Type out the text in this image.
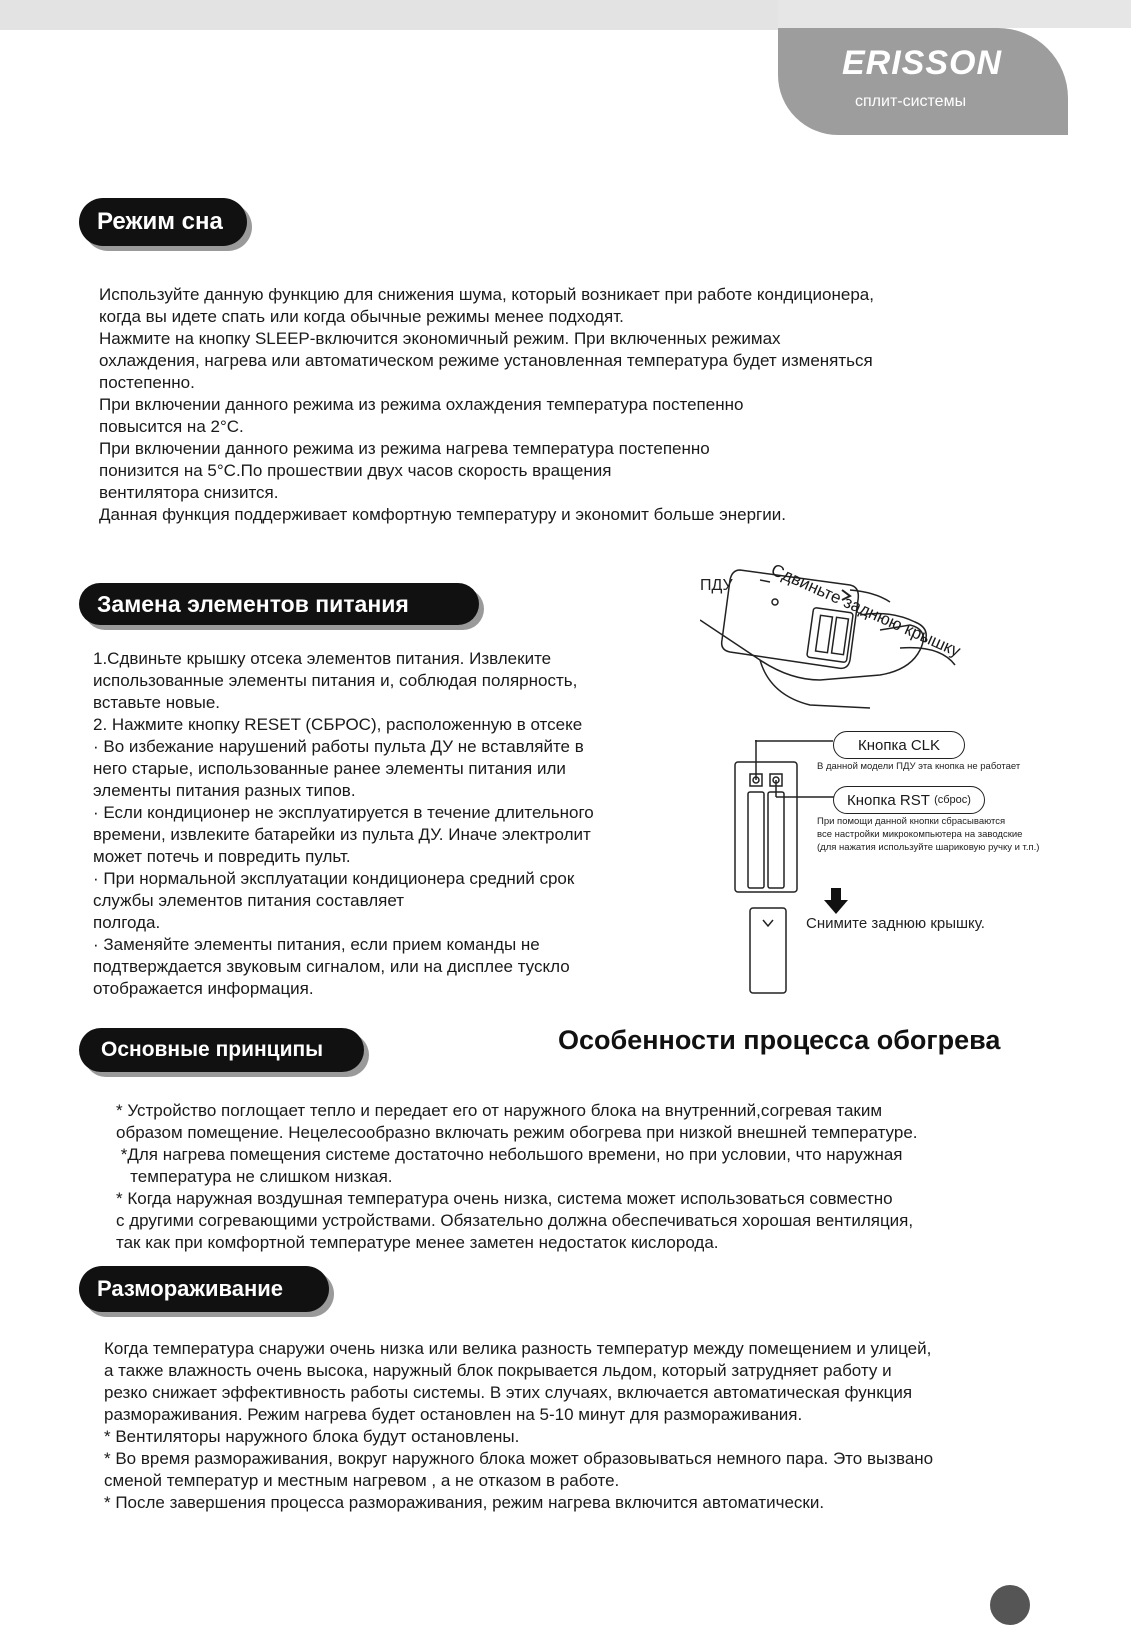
ERISSON
сплит-системы
Режим сна

Используйте данную функцию для снижения шума, который возникает при работе кондиционера,

когда вы идете спать или когда обычные режимы менее подходят.

Нажмите на кнопку SLEEP-включится экономичный режим. При включенных режимах

охлаждения, нагрева или автоматическом режиме установленная температура будет изменяться

постепенно.

При включении данного режима из режима охлаждения температура постепенно

повысится на 2°С.

При включении данного режима из режима нагрева температура постепенно

понизится на 5°С.По прошествии двух часов скорость вращения

вентилятора снизится.

Данная функция поддерживает комфортную температуру и экономит больше энергии.

Замена элементов питания

1.Сдвиньте крышку отсека элементов питания. Извлеките

использованные элементы питания и, соблюдая полярность,

вставьте новые.

2. Нажмите кнопку RESET (СБРОС), расположенную в отсеке

· Во избежание нарушений работы пульта ДУ не вставляйте в

него старые, использованные ранее элементы питания или

элементы питания разных типов.

· Если кондиционер не эксплуатируется в течение длительного

времени, извлеките батарейки из пульта ДУ. Иначе электролит

может потечь и повредить пульт.

· При нормальной эксплуатации кондиционера средний срок

службы элементов питания составляет

полгода.

· Заменяйте элементы питания, если прием команды не

подтверждается звуковым сигналом, или на дисплее тускло

отображается информация.

ПДУ Сдвиньте заднюю крышку
Кнопка CLK
В данной модели ПДУ эта кнопка не работает
Кнопка RST
(сброс)
При помощи данной кнопки сбрасываются
все настройки микрокомпьютера на заводские
(для нажатия используйте шариковую ручку и т.п.)
Снимите заднюю крышку.
Особенности процесса обогрева
Основные принципы

* Устройство поглощает тепло и передает его от наружного блока на внутренний,согревая таким

образом помещение. Нецелесообразно включать режим обогрева при низкой внешней температуре.

*Для нагрева помещения системе достаточно небольшого времени, но при условии, что наружная

температура не слишком низкая.

* Когда наружная воздушная температура очень низка, система может использоваться совместно

с другими согревающими устройствами. Обязательно должна обеспечиваться хорошая вентиляция,

так как при комфортной температуре менее заметен недостаток кислорода.

Размораживание

Когда температура снаружи очень низка или велика разность температур между помещением и улицей,

а также влажность очень высока, наружный блок покрывается льдом, который затрудняет работу и

резко снижает эффективность работы системы. В этих случаях, включается автоматическая функция

размораживания. Режим нагрева будет остановлен на 5-10 минут для размораживания.

* Вентиляторы наружного блока будут остановлены.

* Во время размораживания, вокруг наружного блока может образовываться немного пара. Это вызвано

сменой температур и местным нагревом , а не отказом в работе.

* После завершения процесса размораживания, режим нагрева включится автоматически.
